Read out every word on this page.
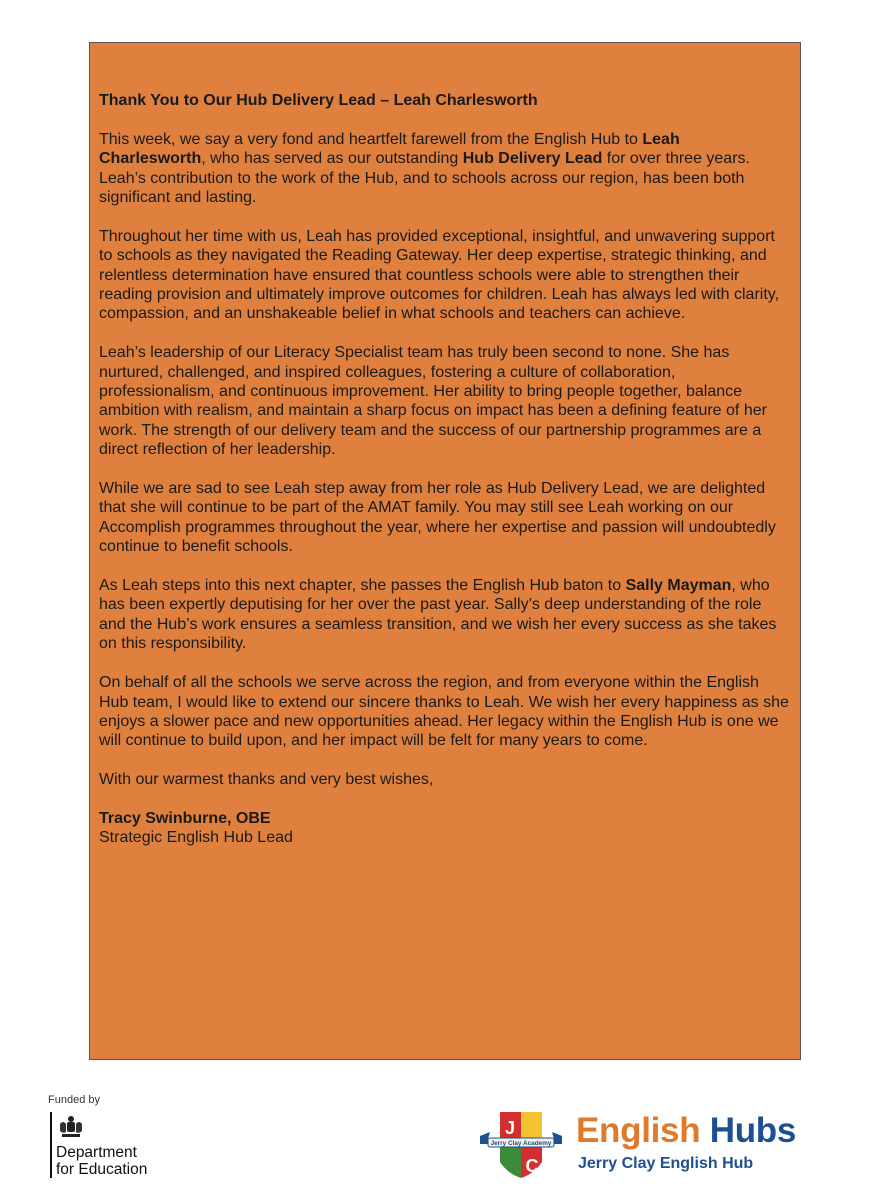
Thank You to Our Hub Delivery Lead – Leah Charlesworth

This week, we say a very fond and heartfelt farewell from the English Hub to Leah Charlesworth, who has served as our outstanding Hub Delivery Lead for over three years. Leah’s contribution to the work of the Hub, and to schools across our region, has been both significant and lasting.

Throughout her time with us, Leah has provided exceptional, insightful, and unwavering support to schools as they navigated the Reading Gateway. Her deep expertise, strategic thinking, and relentless determination have ensured that countless schools were able to strengthen their reading provision and ultimately improve outcomes for children. Leah has always led with clarity, compassion, and an unshakeable belief in what schools and teachers can achieve.

Leah’s leadership of our Literacy Specialist team has truly been second to none. She has nurtured, challenged, and inspired colleagues, fostering a culture of collaboration, professionalism, and continuous improvement. Her ability to bring people together, balance ambition with realism, and maintain a sharp focus on impact has been a defining feature of her work. The strength of our delivery team and the success of our partnership programmes are a direct reflection of her leadership.

While we are sad to see Leah step away from her role as Hub Delivery Lead, we are delighted that she will continue to be part of the AMAT family. You may still see Leah working on our Accomplish programmes throughout the year, where her expertise and passion will undoubtedly continue to benefit schools.

As Leah steps into this next chapter, she passes the English Hub baton to Sally Mayman, who has been expertly deputising for her over the past year. Sally’s deep understanding of the role and the Hub’s work ensures a seamless transition, and we wish her every success as she takes on this responsibility.

On behalf of all the schools we serve across the region, and from everyone within the English Hub team, I would like to extend our sincere thanks to Leah. We wish her every happiness as she enjoys a slower pace and new opportunities ahead. Her legacy within the English Hub is one we will continue to build upon, and her impact will be felt for many years to come.

With our warmest thanks and very best wishes,

Tracy Swinburne, OBE
Strategic English Hub Lead

Funded by
Department
for Education
J
C
Jerry Clay Academy English Hubs
Jerry Clay English Hub
